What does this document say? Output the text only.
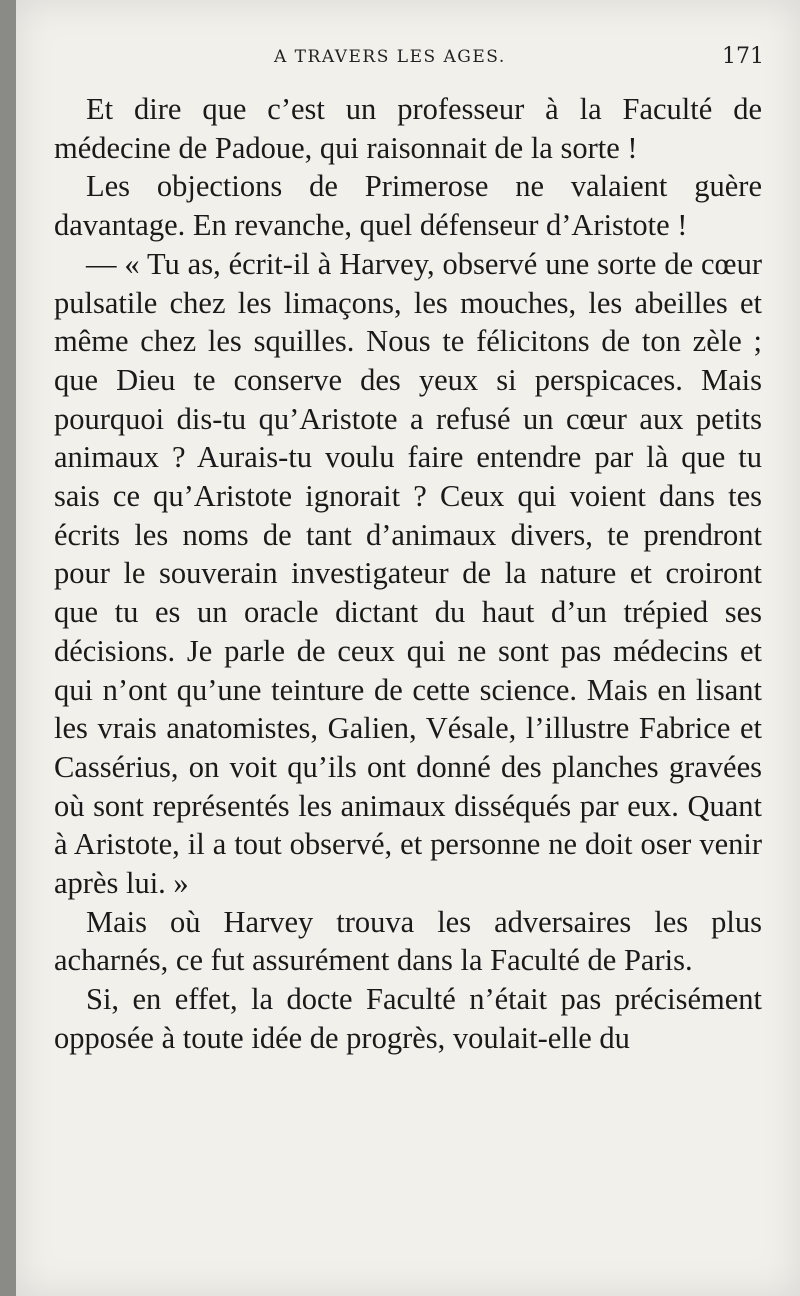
A TRAVERS LES AGES.	171

Et dire que c’est un professeur à la Faculté de médecine de Padoue, qui raisonnait de la sorte !

Les objections de Primerose ne valaient guère davantage. En revanche, quel défenseur d’Aristote !

— « Tu as, écrit-il à Harvey, observé une sorte de cœur pulsatile chez les limaçons, les mouches, les abeilles et même chez les squilles. Nous te félicitons de ton zèle ; que Dieu te conserve des yeux si perspicaces. Mais pourquoi dis-tu qu’Aristote a refusé un cœur aux petits animaux ? Aurais-tu voulu faire entendre par là que tu sais ce qu’Aristote ignorait ? Ceux qui voient dans tes écrits les noms de tant d’animaux divers, te prendront pour le souverain investigateur de la nature et croiront que tu es un oracle dictant du haut d’un trépied ses décisions. Je parle de ceux qui ne sont pas médecins et qui n’ont qu’une teinture de cette science. Mais en lisant les vrais anatomistes, Galien, Vésale, l’illustre Fabrice et Cassérius, on voit qu’ils ont donné des planches gravées où sont représentés les animaux disséqués par eux. Quant à Aristote, il a tout observé, et personne ne doit oser venir après lui. »

Mais où Harvey trouva les adversaires les plus acharnés, ce fut assurément dans la Faculté de Paris.

Si, en effet, la docte Faculté n’était pas précisément opposée à toute idée de progrès, voulait-elle du
